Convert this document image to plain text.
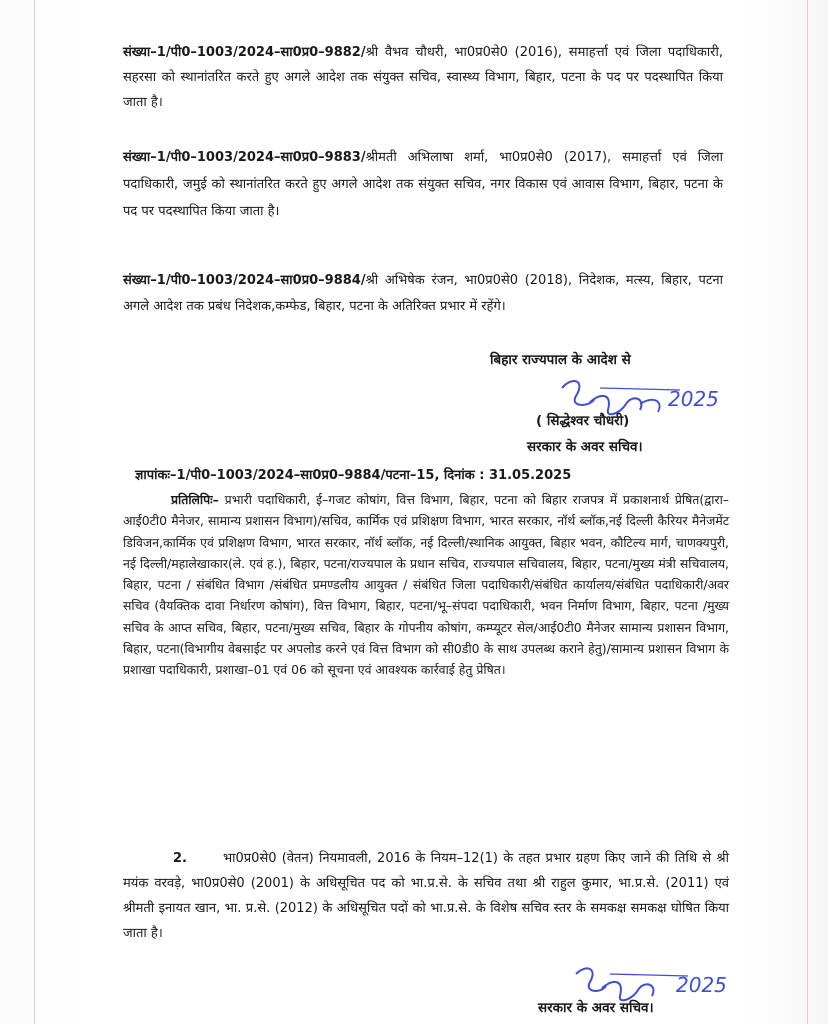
संख्या–1/पी0–1003/2024–सा0प्र0–9882/श्री वैभव चौधरी, भा0प्र0से0 (2016), समाहर्त्ता एवं जिला पदाधिकारी, सहरसा को स्थानांतरित करते हुए अगले आदेश तक संयुक्त सचिव, स्वास्थ्य विभाग, बिहार, पटना के पद पर पदस्थापित किया जाता है।

संख्या–1/पी0–1003/2024–सा0प्र0–9883/श्रीमती अभिलाषा शर्मा, भा0प्र0से0 (2017), समाहर्त्ता एवं जिला पदाधिकारी, जमुई को स्थानांतरित करते हुए अगले आदेश तक संयुक्त सचिव, नगर विकास एवं आवास विभाग, बिहार, पटना के पद पर पदस्थापित किया जाता है।

संख्या–1/पी0–1003/2024–सा0प्र0–9884/श्री अभिषेक रंजन, भा0प्र0से0 (2018), निदेशक, मत्स्य, बिहार, पटना अगले आदेश तक प्रबंध निदेशक,कम्फेड, बिहार, पटना के अतिरिक्त प्रभार में रहेंगे।

बिहार राज्यपाल के आदेश से

2025

( सिद्धेश्वर चौधरी)

सरकार के अवर सचिव।

ज्ञापांकः–1/पी0–1003/2024–सा0प्र0–9884/पटना–15, दिनांक : 31.05.2025

प्रतिलिपिः– प्रभारी पदाधिकारी, ई–गजट कोषांग, वित्त विभाग, बिहार, पटना को बिहार राजपत्र में प्रकाशनार्थ प्रेषित(द्वारा–आई0टी0 मैनेजर, सामान्य प्रशासन विभाग)/सचिव, कार्मिक एवं प्रशिक्षण विभाग, भारत सरकार, नॉर्थ ब्लॉक,नई दिल्ली कैरियर मैनेजमेंट डिविजन,कार्मिक एवं प्रशिक्षण विभाग, भारत सरकार, नॉर्थ ब्लॉक, नई दिल्ली/स्थानिक आयुक्त, बिहार भवन, कौटिल्य मार्ग, चाणक्यपुरी, नई दिल्ली/महालेखाकार(ले. एवं ह.), बिहार, पटना/राज्यपाल के प्रधान सचिव, राज्यपाल सचिवालय, बिहार, पटना/मुख्य मंत्री सचिवालय, बिहार, पटना / संबंधित विभाग /संबंधित प्रमण्डलीय आयुक्त / संबंधित जिला पदाधिकारी/संबंधित कार्यालय/संबंधित पदाधिकारी/अवर सचिव (वैयक्तिक दावा निर्धारण कोषांग), वित्त विभाग, बिहार, पटना/भू–संपदा पदाधिकारी, भवन निर्माण विभाग, बिहार, पटना /मुख्य सचिव के आप्त सचिव, बिहार, पटना/मुख्य सचिव, बिहार के गोपनीय कोषांग, कम्प्यूटर सेल/आई0टी0 मैनेजर सामान्य प्रशासन विभाग, बिहार, पटना(विभागीय वेबसाईट पर अपलोड करने एवं वित्त विभाग को सी0डी0 के साथ उपलब्ध कराने हेतु)/सामान्य प्रशासन विभाग के प्रशाखा पदाधिकारी, प्रशाखा–01 एवं 06 को सूचना एवं आवश्यक कार्रवाई हेतु प्रेषित।

2.	भा0प्र0से0 (वेतन) नियमावली, 2016 के नियम–12(1) के तहत प्रभार ग्रहण किए जाने की तिथि से श्री मयंक वरवड़े, भा0प्र0से0 (2001) के अधिसूचित पद को भा.प्र.से. के सचिव तथा श्री राहुल कुमार, भा.प्र.से. (2011) एवं श्रीमती इनायत खान, भा. प्र.से. (2012) के अधिसूचित पदों को भा.प्र.से. के विशेष सचिव स्तर के समकक्ष समकक्ष घोषित किया जाता है।

2025

सरकार के अवर सचिव।
